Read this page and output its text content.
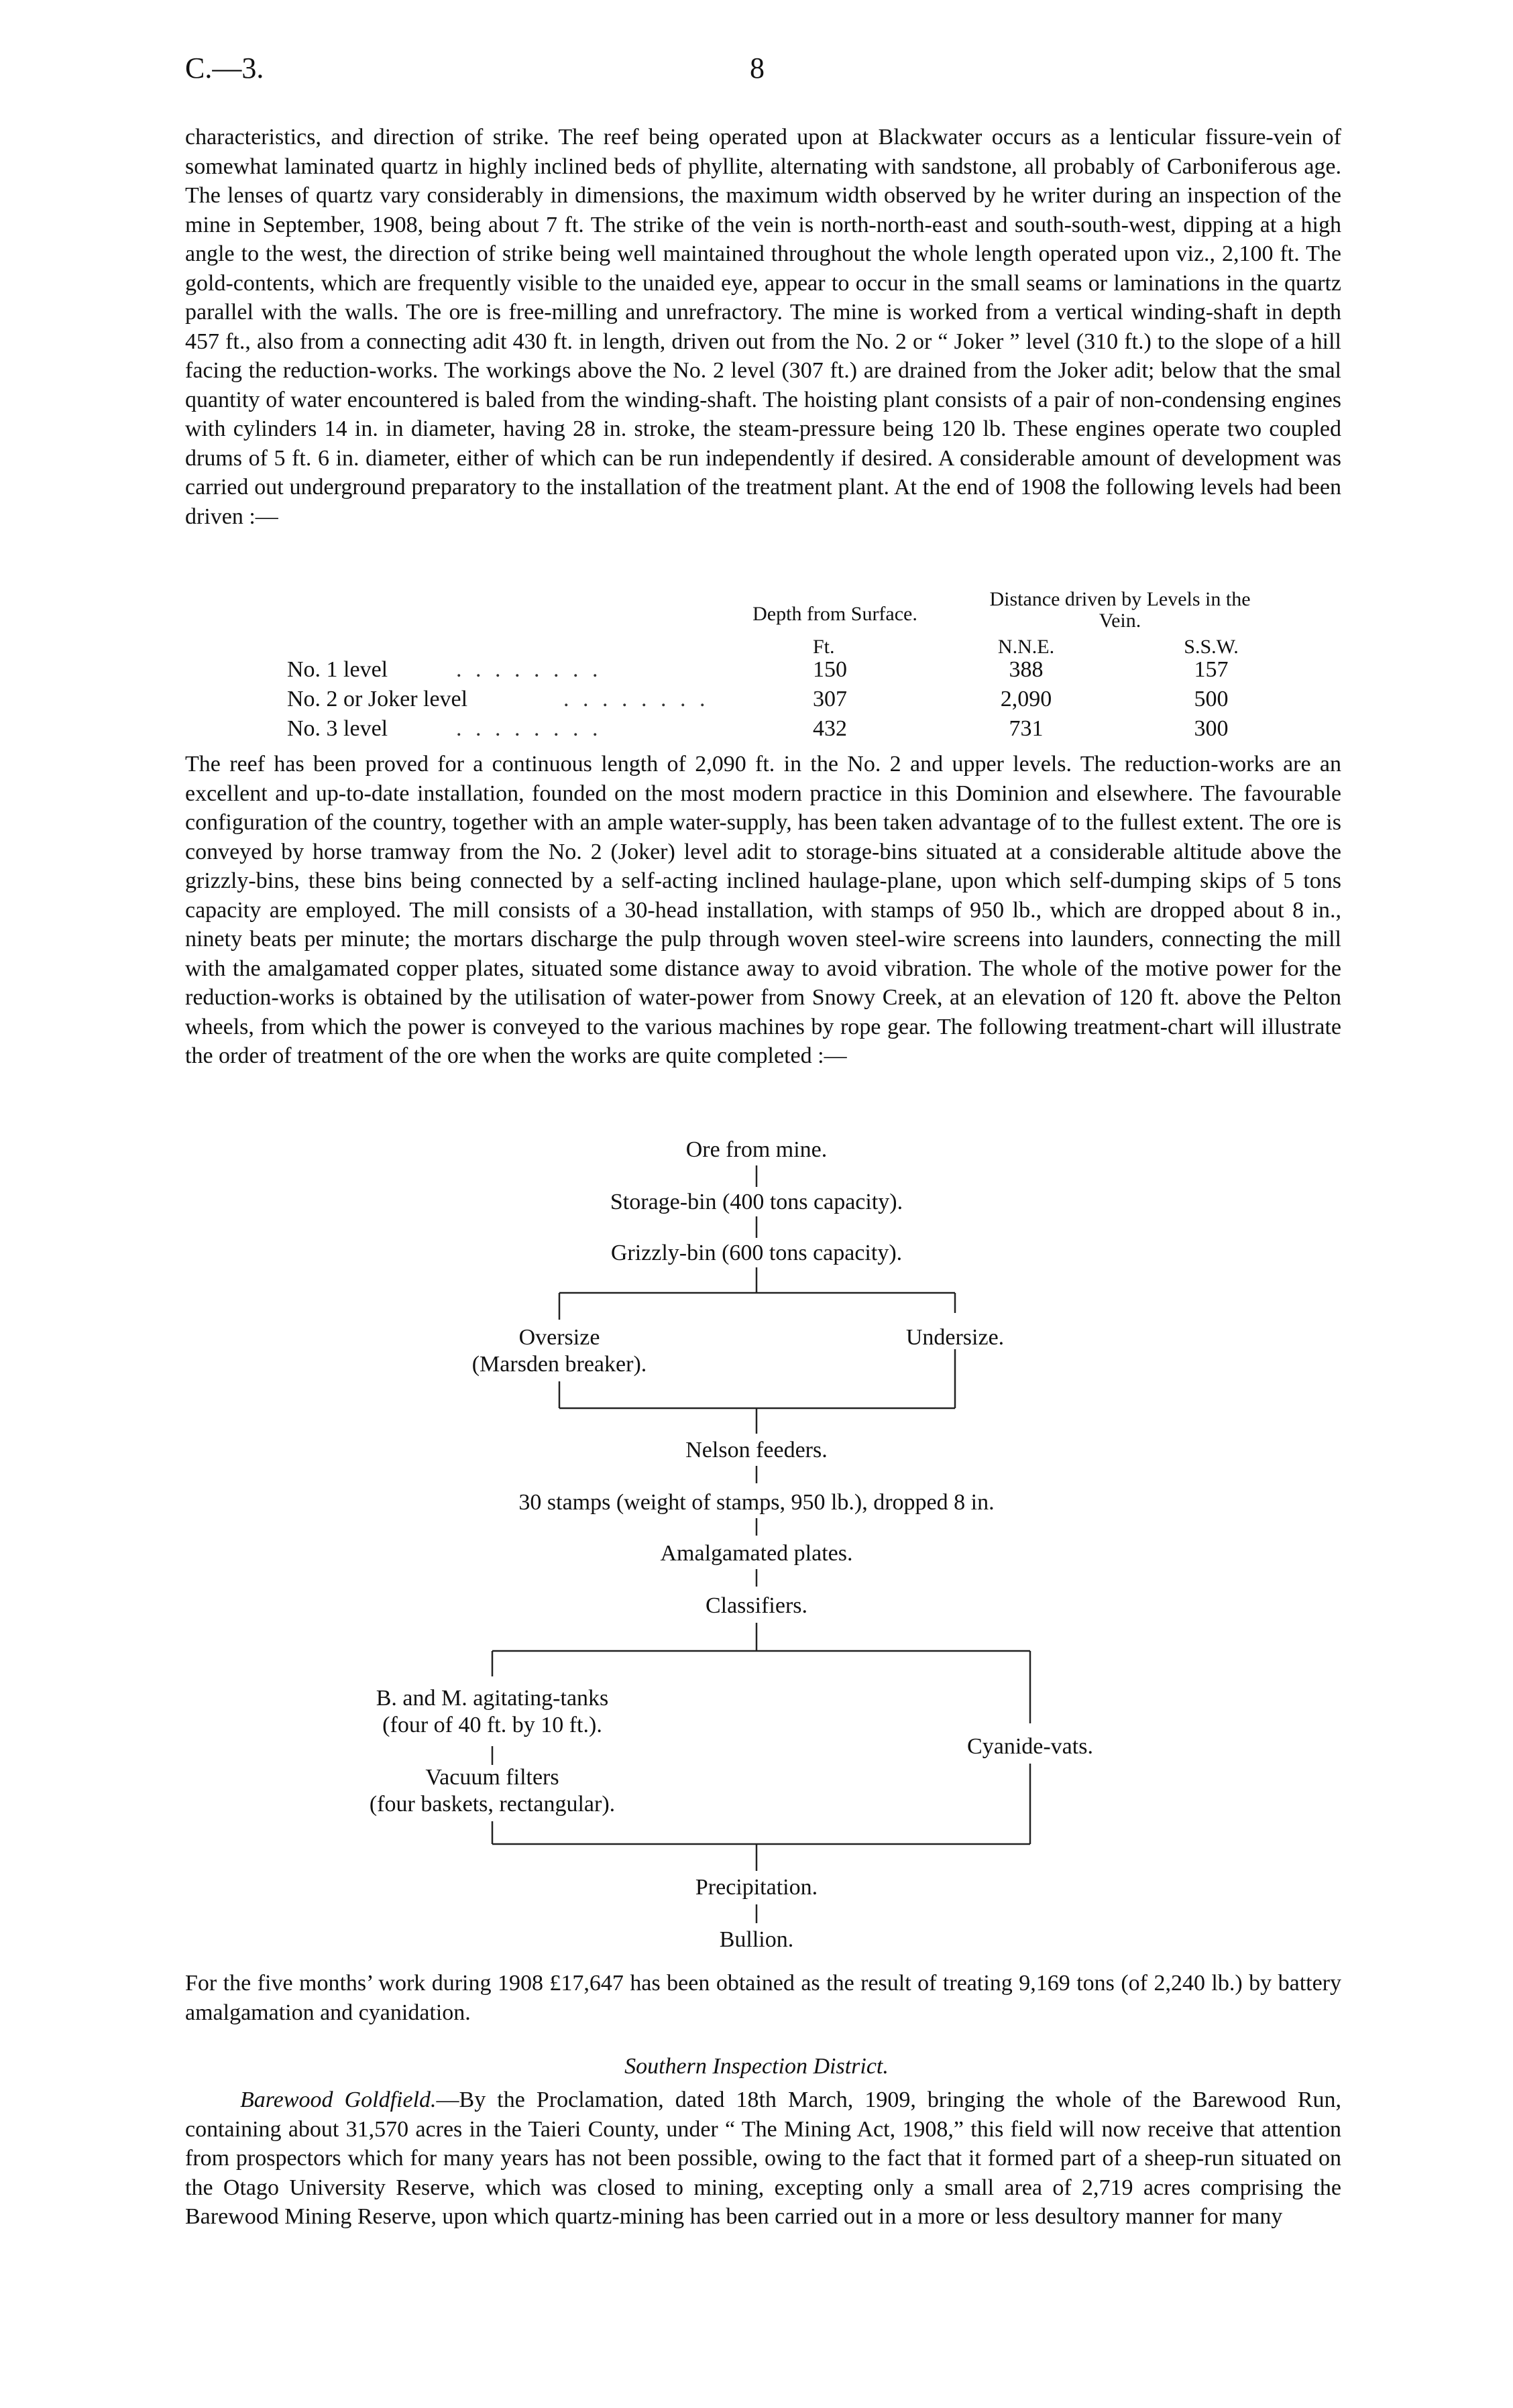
C.—3.	8

characteristics, and direction of strike. The reef being operated upon at Blackwater occurs as a lenticular fissure-vein of somewhat laminated quartz in highly inclined beds of phyllite, alternating with sandstone, all probably of Carboniferous age. The lenses of quartz vary considerably in dimensions, the maximum width observed by he writer during an inspection of the mine in September, 1908, being about 7 ft. The strike of the vein is north-north-east and south-south-west, dipping at a high angle to the west, the direction of strike being well maintained throughout the whole length operated upon viz., 2,100 ft. The gold-contents, which are frequently visible to the unaided eye, appear to occur in the small seams or laminations in the quartz parallel with the walls. The ore is free-milling and unrefractory. The mine is worked from a vertical winding-shaft in depth 457 ft., also from a connecting adit 430 ft. in length, driven out from the No. 2 or “ Joker ” level (310 ft.) to the slope of a hill facing the reduction-works. The workings above the No. 2 level (307 ft.) are drained from the Joker adit; below that the smal quantity of water encountered is baled from the winding-shaft. The hoisting plant consists of a pair of non-condensing engines with cylinders 14 in. in diameter, having 28 in. stroke, the steam-pressure being 120 lb. These engines operate two coupled drums of 5 ft. 6 in. diameter, either of which can be run independently if desired. A considerable amount of development was carried out underground preparatory to the installation of the treatment plant. At the end of 1908 the following levels had been driven :—

Depth from Surface.
Distance driven by Levels in the Vein.
Ft.	N.N.E.	S.S.W.
No. 1 level	. . . . . . . .	150	388	157
No. 2 or Joker level	. . . . . . . .	307	2,090	500
No. 3 level	. . . . . . . .	432	731	300

The reef has been proved for a continuous length of 2,090 ft. in the No. 2 and upper levels. The reduction-works are an excellent and up-to-date installation, founded on the most modern practice in this Dominion and elsewhere. The favourable configuration of the country, together with an ample water-supply, has been taken advantage of to the fullest extent. The ore is conveyed by horse tramway from the No. 2 (Joker) level adit to storage-bins situated at a considerable altitude above the grizzly-bins, these bins being connected by a self-acting inclined haulage-plane, upon which self-dumping skips of 5 tons capacity are employed. The mill consists of a 30-head installation, with stamps of 950 lb., which are dropped about 8 in., ninety beats per minute; the mortars discharge the pulp through woven steel-wire screens into launders, connecting the mill with the amalgamated copper plates, situated some distance away to avoid vibration. The whole of the motive power for the reduction-works is obtained by the utilisation of water-power from Snowy Creek, at an elevation of 120 ft. above the Pelton wheels, from which the power is conveyed to the various machines by rope gear. The following treatment-chart will illustrate the order of treatment of the ore when the works are quite completed :—

Ore from mine.
Storage-bin (400 tons capacity).
Grizzly-bin (600 tons capacity).
Oversize
(Marsden breaker).
Undersize.
Nelson feeders.
30 stamps (weight of stamps, 950 lb.), dropped 8 in.
Amalgamated plates.
Classifiers.
B. and M. agitating-tanks
(four of 40 ft. by 10 ft.).
Vacuum filters
(four baskets, rectangular).
Cyanide-vats.
Precipitation.
Bullion.

For the five months’ work during 1908 £17,647 has been obtained as the result of treating 9,169 tons (of 2,240 lb.) by battery amalgamation and cyanidation.

Southern Inspection District.

Barewood Goldfield.—By the Proclamation, dated 18th March, 1909, bringing the whole of the Barewood Run, containing about 31,570 acres in the Taieri County, under “ The Mining Act, 1908,” this field will now receive that attention from prospectors which for many years has not been possible, owing to the fact that it formed part of a sheep-run situated on the Otago University Reserve, which was closed to mining, excepting only a small area of 2,719 acres comprising the Barewood Mining Reserve, upon which quartz-mining has been carried out in a more or less desultory manner for many
